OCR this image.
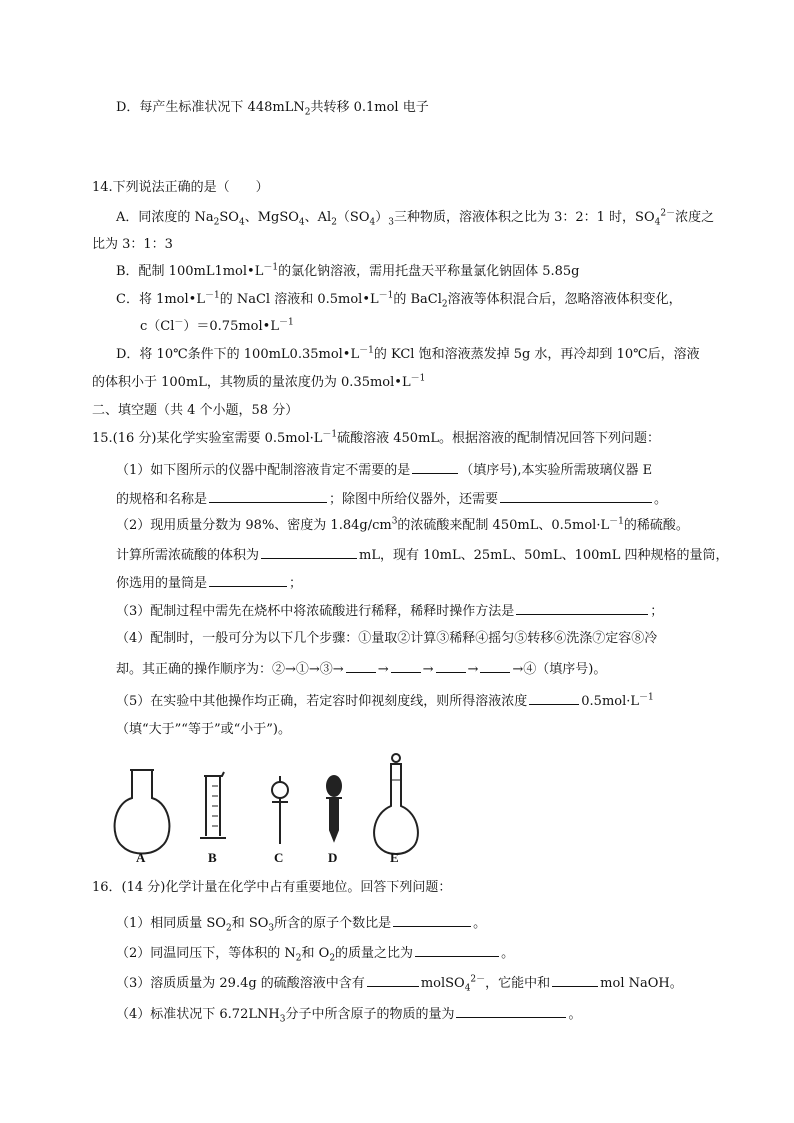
D．每产生标准状况下 448mLN$_2$共转移 0.1mol 电子
14.下列说法正确的是（　　）
A．同浓度的 $Na_2SO_4$、MgSO$_4$、$Al_2(SO_4)_3$三种物质，溶液体积之比为 3：2：1 时，$SO_4^{2-}$浓度之
比为 3：1：3
B．配制 $100mL1mol•L^{-1}$的氯化钠溶液，需用托盘天平称量氯化钠固体 5.85g
C．将 $1mol•L^{-1}$的 NaCl 溶液和 $0.5mol•L^{-1}$的 BaCl$_2$溶液等体积混合后，忽略溶液体积变化，
$c(Cl^-)=0.75mol•L^{-1}$
D．将 10℃条件下的 $100mL0.35mol•L^{-1}$的 KCl 饱和溶液蒸发掉 5g 水，再冷却到 10℃后，溶液
的体积小于 100mL，其物质的量浓度仍为 $0.35mol•L^{-1}$
二、填空题（共 4 个小题，58 分）
15.(16 分)某化学实验室需要 $0.5mol\cdot L^{-1}$硫酸溶液 450mL。根据溶液的配制情况回答下列问题：
（1）如下图所示的仪器中配制溶液肯定不需要的是	（填序号),本实验所需玻璃仪器 E
的规格和名称是	；除图中所给仪器外，还需要	。
（2）现用质量分数为 98%、密度为 $1.84g/cm^3$的浓硫酸来配制 450mL、$0.5mol\cdot L^{-1}$的稀硫酸。
计算所需浓硫酸的体积为	mL，现有 10mL、25mL、50mL、100mL 四种规格的量筒，
你选用的量筒是	；
（3）配制过程中需先在烧杯中将浓硫酸进行稀释，稀释时操作方法是	；
（4）配制时，一般可分为以下几个步骤：①量取②计算③稀释④摇匀⑤转移⑥洗涤⑦定容⑧冷
却。其正确的操作顺序为：②→①→③→	→	→	→	→④（填序号)。
（5）在实验中其他操作均正确，若定容时仰视刻度线，则所得溶液浓度	$0.5mol\cdot L^{-1}$
（填“大于”“等于”或“小于”)。
A	B	C	D	E
16．(14 分)化学计量在化学中占有重要地位。回答下列问题：
（1）相同质量 $SO_2$和 $SO_3$所含的原子个数比是	。
（2）同温同压下，等体积的 $N_2$和 $O_2$的质量之比为	。
（3）溶质质量为 29.4g 的硫酸溶液中含有	molSO$_4^{2-}$，它能中和	mol NaOH。
（4）标准状况下 $6.72LNH_3$分子中所含原子的物质的量为	。
